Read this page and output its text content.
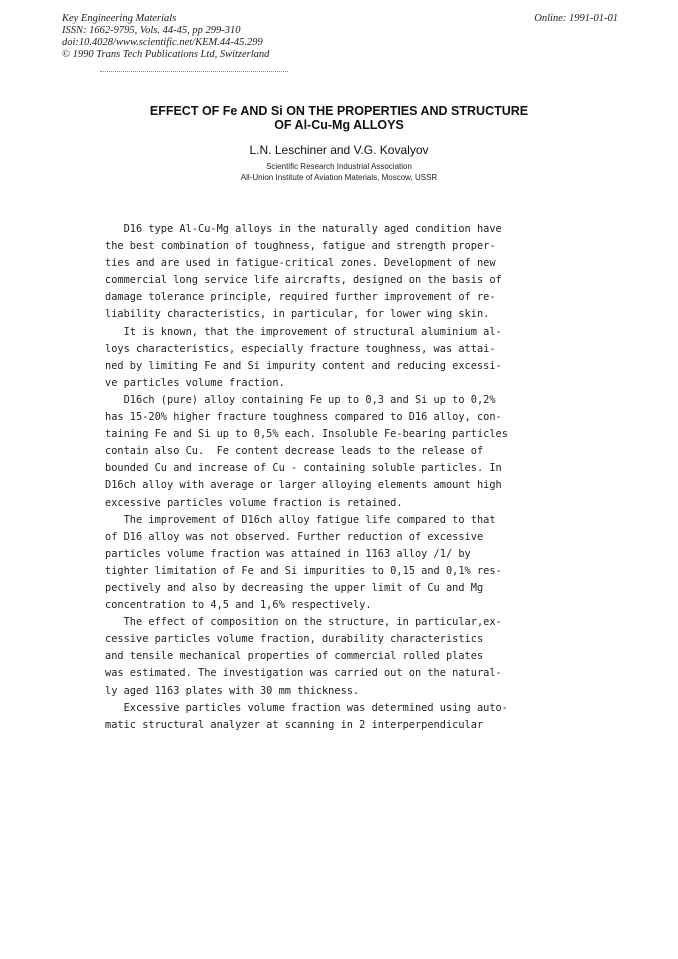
Key Engineering Materials
ISSN: 1662-9795, Vols. 44-45, pp 299-310
doi:10.4028/www.scientific.net/KEM.44-45.299
© 1990 Trans Tech Publications Ltd, Switzerland
Online: 1991-01-01
EFFECT OF Fe AND Si ON THE PROPERTIES AND STRUCTURE
OF Al-Cu-Mg ALLOYS
L.N. Leschiner and V.G. Kovalyov
Scientific Research Industrial Association
All-Union Institute of Aviation Materials, Moscow, USSR
D16 type Al-Cu-Mg alloys in the naturally aged condition have
the best combination of toughness, fatigue and strength proper-
ties and are used in fatigue-critical zones. Development of new
commercial long service life aircrafts, designed on the basis of
damage tolerance principle, required further improvement of re-
liability characteristics, in particular, for lower wing skin.
It is known, that the improvement of structural aluminium al-
loys characteristics, especially fracture toughness, was attai-
ned by limiting Fe and Si impurity content and reducing excessi-
ve particles volume fraction.
D16ch (pure) alloy containing Fe up to 0,3 and Si up to 0,2%
has 15-20% higher fracture toughness compared to D16 alloy, con-
taining Fe and Si up to 0,5% each. Insoluble Fe-bearing particles
contain also Cu.  Fe content decrease leads to the release of
bounded Cu and increase of Cu - containing soluble particles. In
D16ch alloy with average or larger alloying elements amount high
excessive particles volume fraction is retained.
The improvement of D16ch alloy fatigue life compared to that
of D16 alloy was not observed. Further reduction of excessive
particles volume fraction was attained in 1163 alloy /1/ by
tighter limitation of Fe and Si impurities to 0,15 and 0,1% res-
pectively and also by decreasing the upper limit of Cu and Mg
concentration to 4,5 and 1,6% respectively.
The effect of composition on the structure, in particular,ex-
cessive particles volume fraction, durability characteristics
and tensile mechanical properties of commercial rolled plates
was estimated. The investigation was carried out on the natural-
ly aged 1163 plates with 30 mm thickness.
Excessive particles volume fraction was determined using auto-
matic structural analyzer at scanning in 2 interperpendicular
